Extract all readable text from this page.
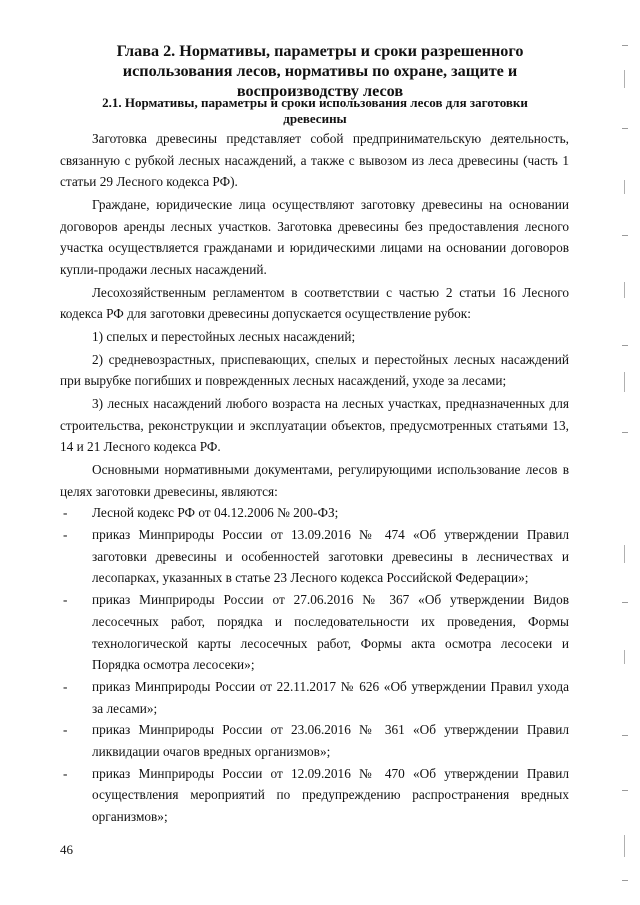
Глава 2. Нормативы, параметры и сроки разрешенного использования лесов, нормативы по охране, защите и воспроизводству лесов
2.1. Нормативы, параметры и сроки использования лесов для заготовки древесины

Заготовка древесины представляет собой предпринимательскую деятельность, связанную с рубкой лесных насаждений, а также с вывозом из леса древесины (часть 1 статьи 29 Лесного кодекса РФ).

Граждане, юридические лица осуществляют заготовку древесины на основании договоров аренды лесных участков. Заготовка древесины без предоставления лесного участка осуществляется гражданами и юридическими лицами на основании договоров купли-продажи лесных насаждений.

Лесохозяйственным регламентом в соответствии с частью 2 статьи 16 Лесного кодекса РФ для заготовки древесины допускается осуществление рубок:

1) спелых и перестойных лесных насаждений;

2) средневозрастных, приспевающих, спелых и перестойных лесных насаждений при вырубке погибших и поврежденных лесных насаждений, уходе за лесами;

3) лесных насаждений любого возраста на лесных участках, предназначенных для строительства, реконструкции и эксплуатации объектов, предусмотренных статьями 13, 14 и 21 Лесного кодекса РФ.

Основными нормативными документами, регулирующими использование лесов в целях заготовки древесины, являются:

- Лесной кодекс РФ от 04.12.2006 № 200-ФЗ;
- приказ Минприроды России от 13.09.2016 № 474 «Об утверждении Правил заготовки древесины и особенностей заготовки древесины в лесничествах и лесопарках, указанных в статье 23 Лесного кодекса Российской Федерации»;
- приказ Минприроды России от 27.06.2016 № 367 «Об утверждении Видов лесосечных работ, порядка и последовательности их проведения, Формы технологической карты лесосечных работ, Формы акта осмотра лесосеки и Порядка осмотра лесосеки»;
- приказ Минприроды России от 22.11.2017 № 626 «Об утверждении Правил ухода за лесами»;
- приказ Минприроды России от 23.06.2016 № 361 «Об утверждении Правил ликвидации очагов вредных организмов»;
- приказ Минприроды России от 12.09.2016 № 470 «Об утверждении Правил осуществления мероприятий по предупреждению распространения вредных организмов»;
46
